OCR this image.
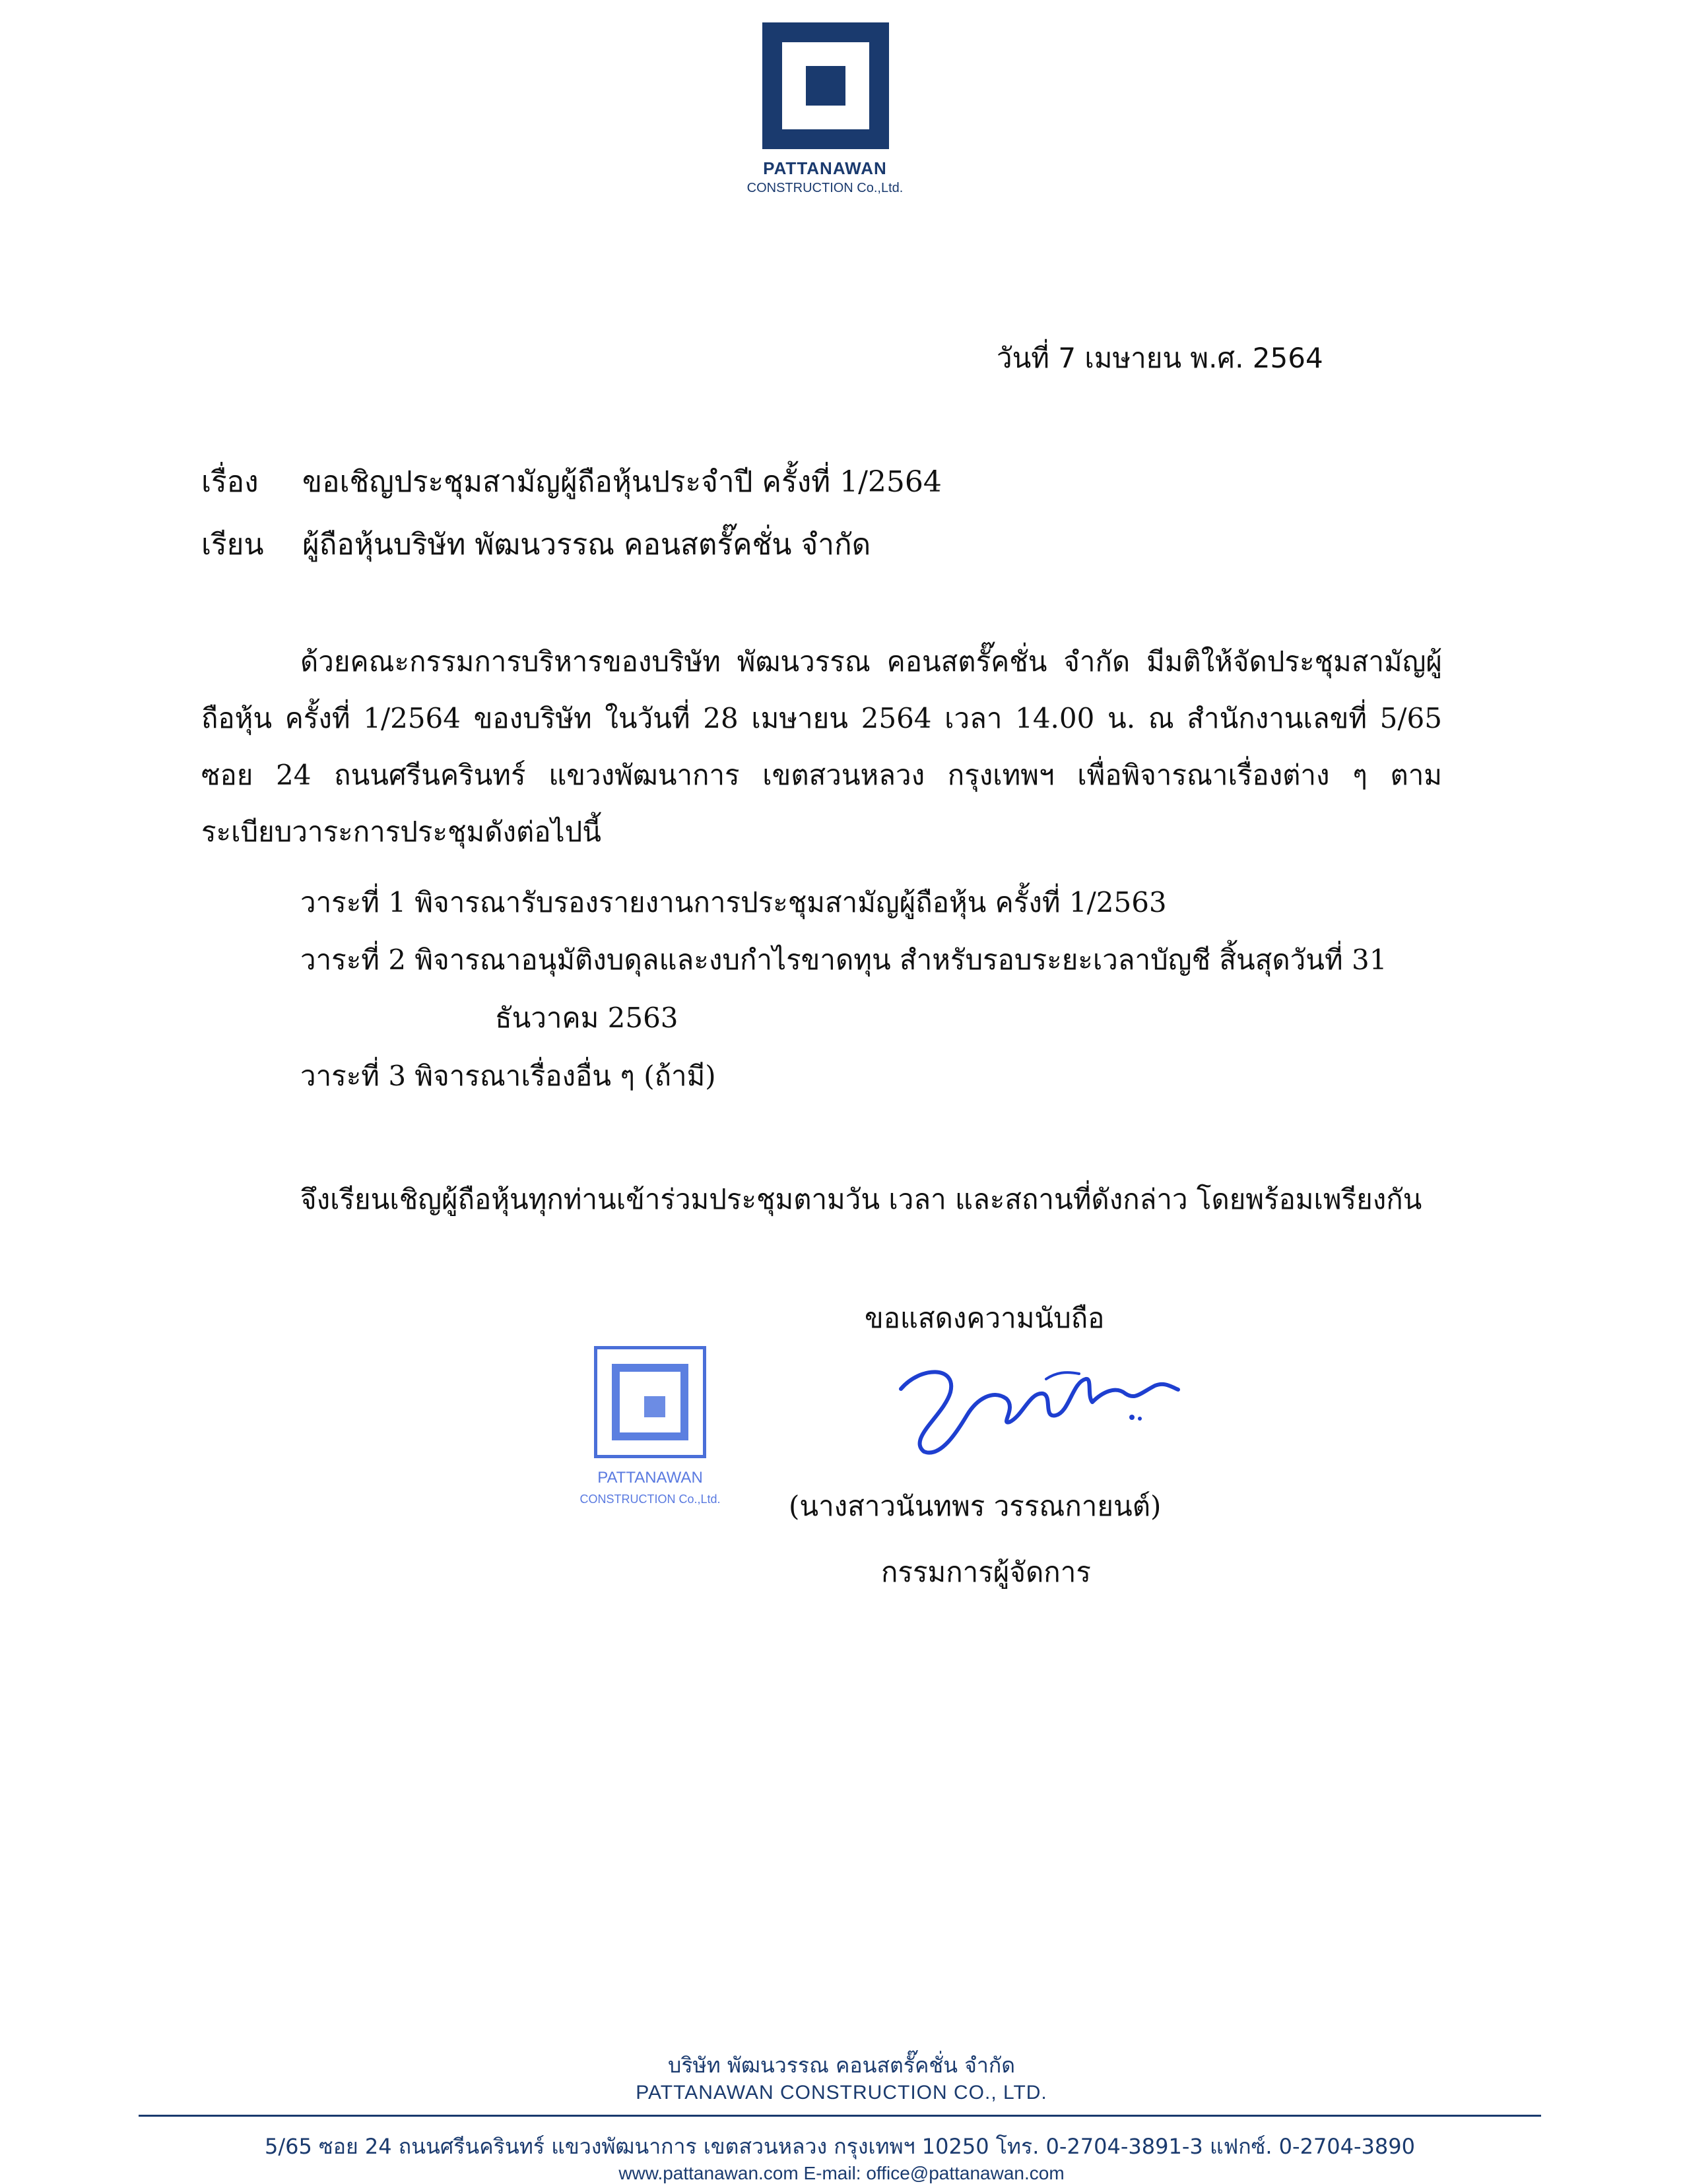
PATTANAWAN
CONSTRUCTION Co.,Ltd.
วันที่ 7 เมษายน พ.ศ. 2564
เรื่อง ขอเชิญประชุมสามัญผู้ถือหุ้นประจำปี ครั้งที่ 1/2564
เรียน ผู้ถือหุ้นบริษัท พัฒนวรรณ คอนสตรั๊คชั่น จำกัด

ด้วยคณะกรรมการบริหารของบริษัท พัฒนวรรณ คอนสตรั๊คชั่น จำกัด มีมติให้จัดประชุมสามัญผู้ถือหุ้น ครั้งที่ 1/2564 ของบริษัท ในวันที่ 28 เมษายน 2564 เวลา 14.00 น. ณ สำนักงานเลขที่ 5/65 ซอย 24 ถนนศรีนครินทร์ แขวงพัฒนาการ เขตสวนหลวง กรุงเทพฯ เพื่อพิจารณาเรื่องต่าง ๆ ตามระเบียบวาระการประชุมดังต่อไปนี้

วาระที่ 1 พิจารณารับรองรายงานการประชุมสามัญผู้ถือหุ้น ครั้งที่ 1/2563
วาระที่ 2 พิจารณาอนุมัติงบดุลและงบกำไรขาดทุน สำหรับรอบระยะเวลาบัญชี สิ้นสุดวันที่ 31
ธันวาคม 2563
วาระที่ 3 พิจารณาเรื่องอื่น ๆ (ถ้ามี)
จึงเรียนเชิญผู้ถือหุ้นทุกท่านเข้าร่วมประชุมตามวัน เวลา และสถานที่ดังกล่าว โดยพร้อมเพรียงกัน
ขอแสดงความนับถือ
PATTANAWAN
CONSTRUCTION Co.,Ltd.	(นางสาวนันทพร วรรณกายนต์)
กรรมการผู้จัดการ
บริษัท พัฒนวรรณ คอนสตรั๊คชั่น จำกัด
PATTANAWAN CONSTRUCTION CO., LTD.
5/65 ซอย 24 ถนนศรีนครินทร์ แขวงพัฒนาการ เขตสวนหลวง กรุงเทพฯ 10250 โทร. 0-2704-3891-3 แฟกซ์. 0-2704-3890
www.pattanawan.com E-mail: office@pattanawan.com
